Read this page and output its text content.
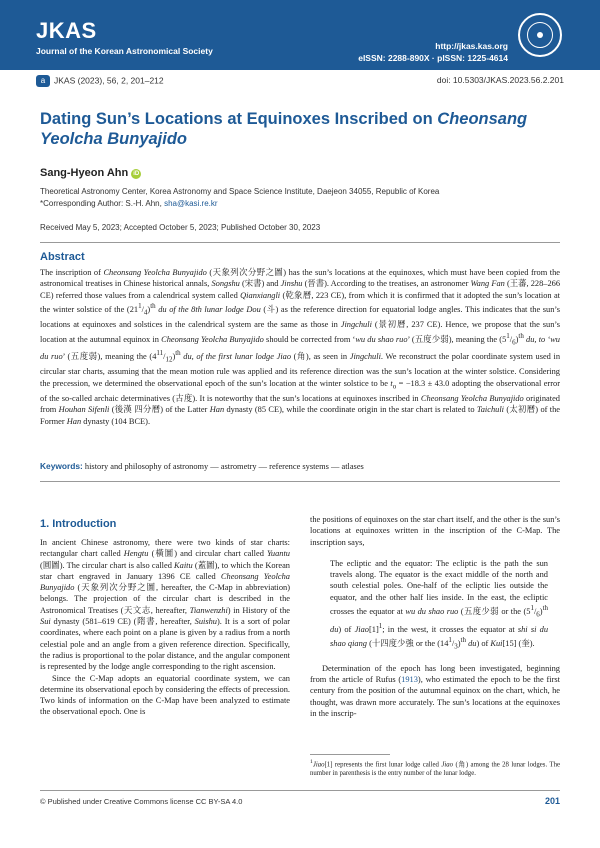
JKAS
Journal of the Korean Astronomical Society	http://jkas.kas.org
eISSN: 2288-890X · pISSN: 1225-4614
a JKAS (2023), 56, 2, 201–212	doi: 10.5303/JKAS.2023.56.2.201
Dating Sun’s Locations at Equinoxes Inscribed on Cheonsang Yeolcha Bunyajido
Sang-Hyeon Ahn iD
Theoretical Astronomy Center, Korea Astronomy and Space Science Institute, Daejeon 34055, Republic of Korea
*Corresponding Author: S.-H. Ahn, sha@kasi.re.kr
Received May 5, 2023; Accepted October 5, 2023; Published October 30, 2023
Abstract
The inscription of Cheonsang Yeolcha Bunyajido (天象列次分野之圖) has the sun’s locations at the equinoxes, which must have been copied from the astronomical treatises in Chinese historical annals, Songshu (宋書) and Jinshu (晉書). According to the treatises, an astronomer Wang Fan (王蕃, 228–266 CE) referred those values from a calendrical system called Qianxiangli (乾象曆, 223 CE), from which it is confirmed that it adopted the sun’s location at the winter solstice of the $(21^1/_4)^{th}$ du of the 8th lunar lodge Dou (斗) as the reference direction for equatorial lodge angles. This indicates that the sun’s locations at equinoxes and solstices in the calendrical system are the same as those in Jingchuli (景初曆, 237 CE). Hence, we propose that the sun’s location at the autumnal equinox in Cheonsang Yeolcha Bunyajido should be corrected from ‘wu du shao ruo’ (五度少弱), meaning the $(5^1/_6)^{th}$ du, to ‘wu du ruo’ (五度弱), meaning the $(4^{11}/_{12})^{th}$ du, of the first lunar lodge Jiao (角), as seen in Jingchuli. We reconstruct the polar coordinate system used in circular star charts, assuming that the mean motion rule was applied and its reference direction was the sun’s location at the winter solstice. Considering the precession, we determined the observational epoch of the sun’s location at the winter solstice to be $t_o = -18.3 \pm 43.0$ adopting the observational error of the so-called archaic determinatives (古度). It is noteworthy that the sun’s locations at equinoxes inscribed in Cheonsang Yeolcha Bunyajido originated from Houhan Sifenli (後漢 四分曆) of the Latter Han dynasty (85 CE), while the coordinate origin in the star chart is related to Taichuli (太初曆) of the Former Han dynasty (104 BCE).
Keywords: history and philosophy of astronomy — astrometry — reference systems — atlases
1. Introduction

In ancient Chinese astronomy, there were two kinds of star charts: rectangular chart called Hengtu (橫圖) and circular chart called Yuantu (圓圖). The circular chart is also called Kaitu (蓋圖), to which the Korean star chart engraved in January 1396 CE called Cheonsang Yeolcha Bunyajido (天象列次分野之圖, hereafter, the C-Map in abbreviation) belongs. The projection of the circular chart is described in the Astronomical Treatises (天文志, hereafter, Tianwenzhi) in History of the Sui dynasty (581–619 CE) (隋書, hereafter, Suishu). It is a sort of polar coordinates, where each point on a plane is given by a radius from a north celestial pole and an angle from a given reference direction. Specifically, the radius is proportional to the polar distance, and the angular component is represented by the lodge angle corresponding to the right ascension.

Since the C-Map adopts an equatorial coordinate system, we can determine its observational epoch by considering the effects of precession. Two kinds of information on the C-Map have been analyzed to estimate the observational epoch. One is

the positions of equinoxes on the star chart itself, and the other is the sun’s locations at equinoxes written in the inscription of the C-Map. The inscription says,

The ecliptic and the equator: The ecliptic is the path the sun travels along. The equator is the exact middle of the north and south celestial poles. One-half of the ecliptic lies outside the equator, and the other half lies inside. In the east, the ecliptic crosses the equator at wu du shao ruo (五度少弱 or the $(5^1/_6)^{th}$ du) of $Jiao[1]^1$; in the west, it crosses the equator at shi si du shao qiang (十四度少強 or the $(14^1/_3)^{th}$ du) of Kui[15] (奎).

Determination of the epoch has long been investigated, beginning from the article of Rufus (1913), who estimated the epoch to be the first century from the position of the autumnal equinox on the chart, which, he thought, was drawn more accurately. The sun’s locations at the equinoxes in the inscrip-

$^1$Jiao[1] represents the first lunar lodge called Jiao (角) among the 28 lunar lodges. The number in parenthesis is the entry number of the lunar lodge.
© Published under Creative Commons license CC BY-SA 4.0	201
